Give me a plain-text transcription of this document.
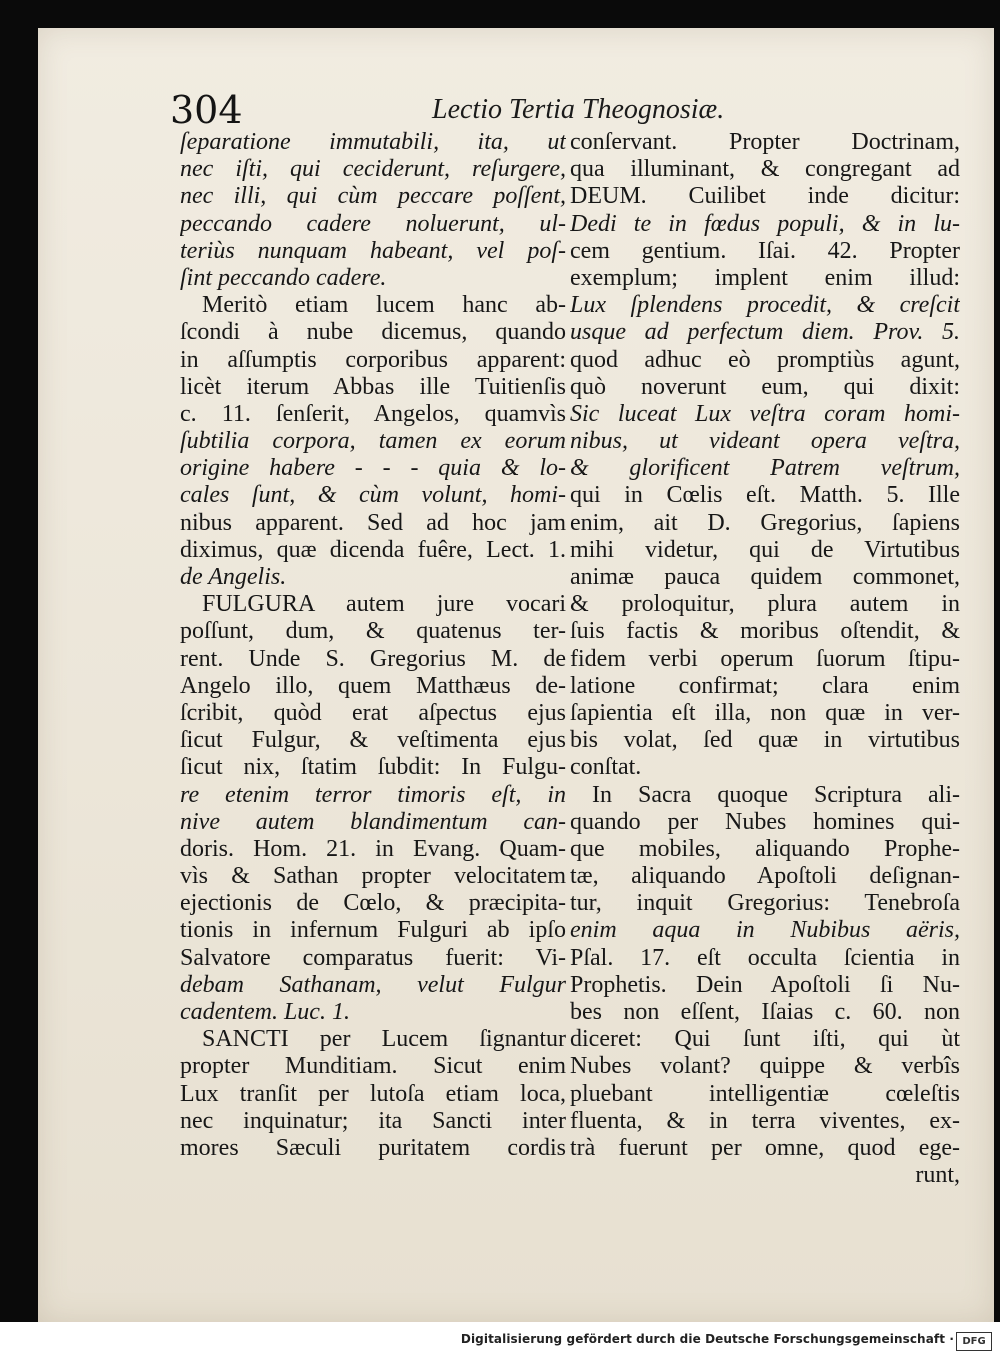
304	Lectio Tertia Theognosiæ.
ſeparatione immutabili, ita, ut
nec iſti, qui ceciderunt, reſurgere,
nec illi, qui cùm peccare poſſent,
peccando cadere noluerunt, ul-
teriùs nunquam habeant, vel poſ-
ſint peccando cadere.
Meritò etiam lucem hanc ab-
ſcondi à nube dicemus, quando
in aſſumptis corporibus apparent:
licèt iterum Abbas ille Tuitienſis
c. 11. ſenſerit, Angelos, quamvìs
ſubtilia corpora, tamen ex eorum
origine habere - - - quia & lo-
cales ſunt, & cùm volunt, homi-
nibus apparent. Sed ad hoc jam
diximus, quæ dicenda fuêre, Lect. 1.
de Angelis.
FULGURA autem jure vocari
poſſunt, dum, & quatenus ter-
rent. Unde S. Gregorius M. de
Angelo illo, quem Matthæus de-
ſcribit, quòd erat aſpectus ejus
ſicut Fulgur, & veſtimenta ejus
ſicut nix, ſtatim ſubdit: In Fulgu-
re etenim terror timoris eſt, in
nive autem blandimentum can-
doris. Hom. 21. in Evang. Quam-
vìs & Sathan propter velocitatem
ejectionis de Cœlo, & præcipita-
tionis in infernum Fulguri ab ipſo
Salvatore comparatus fuerit: Vi-
debam Sathanam, velut Fulgur
cadentem. Luc. 1.
SANCTI per Lucem ſignantur
propter Munditiam. Sicut enim
Lux tranſit per lutoſa etiam loca,
nec inquinatur; ita Sancti inter
mores Sæculi puritatem cordis
conſervant. Propter Doctrinam,
qua illuminant, & congregant ad
DEUM. Cuilibet inde dicitur:
Dedi te in fœdus populi, & in lu-
cem gentium. Iſai. 42. Propter
exemplum; implent enim illud:
Lux ſplendens procedit, & creſcit
usque ad perfectum diem. Prov. 5.
quod adhuc eò promptiùs agunt,
quò noverunt eum, qui dixit:
Sic luceat Lux veſtra coram homi-
nibus, ut videant opera veſtra,
& glorificent Patrem veſtrum,
qui in Cœlis eſt. Matth. 5. Ille
enim, ait D. Gregorius, ſapiens
mihi videtur, qui de Virtutibus
animæ pauca quidem commonet,
& proloquitur, plura autem in
ſuis factis & moribus oſtendit, &
fidem verbi operum ſuorum ſtipu-
latione confirmat; clara enim
ſapientia eſt illa, non quæ in ver-
bis volat, ſed quæ in virtutibus
conſtat.
In Sacra quoque Scriptura ali-
quando per Nubes homines qui-
que mobiles, aliquando Prophe-
tæ, aliquando Apoſtoli deſignan-
tur, inquit Gregorius: Tenebroſa
enim aqua in Nubibus aëris,
Pſal. 17. eſt occulta ſcientia in
Prophetis. Dein Apoſtoli ſi Nu-
bes non eſſent, Iſaias c. 60. non
diceret: Qui ſunt iſti, qui ùt
Nubes volant? quippe & verbîs
pluebant intelligentiæ cœleſtis
fluenta, & in terra viventes, ex-
trà fuerunt per omne, quod ege-
runt,
Digitalisierung gefördert durch die Deutsche Forschungsgemeinschaft · DFG
